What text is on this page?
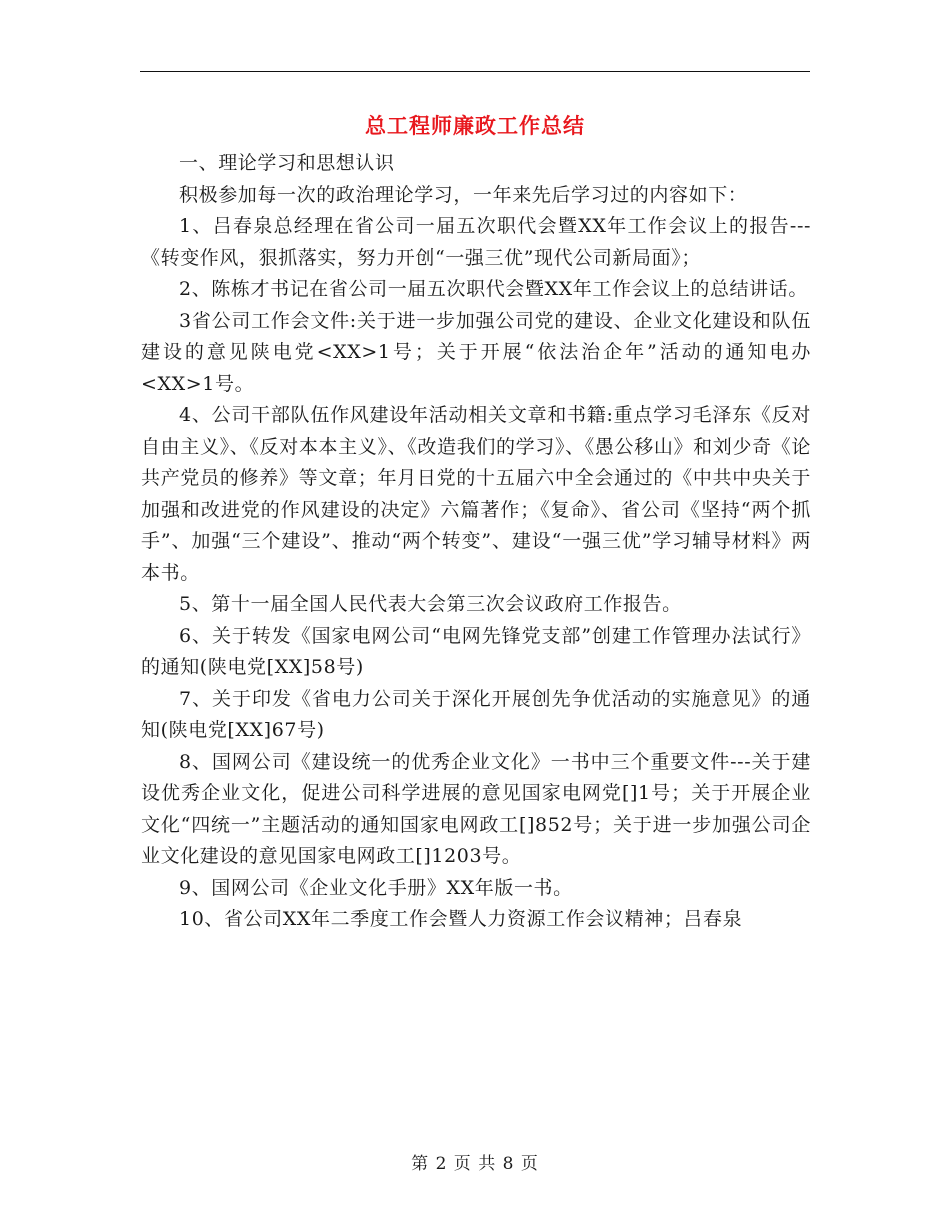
总工程师廉政工作总结

一、理论学习和思想认识

积极参加每一次的政治理论学习，一年来先后学习过的内容如下：

1、吕春泉总经理在省公司一届五次职代会暨XX年工作会议上的报告---《转变作风，狠抓落实，努力开创“一强三优”现代公司新局面》；

2、陈栋才书记在省公司一届五次职代会暨XX年工作会议上的总结讲话。

3省公司工作会文件:关于进一步加强公司党的建设、企业文化建设和队伍建设的意见陕电党<XX>1号；关于开展“依法治企年”活动的通知电办<XX>1号。

4、公司干部队伍作风建设年活动相关文章和书籍:重点学习毛泽东《反对自由主义》、《反对本本主义》、《改造我们的学习》、《愚公移山》和刘少奇《论共产党员的修养》等文章；年月日党的十五届六中全会通过的《中共中央关于加强和改进党的作风建设的决定》六篇著作；《复命》、省公司《坚持“两个抓手”、加强“三个建设”、推动“两个转变”、建设“一强三优”学习辅导材料》两本书。

5、第十一届全国人民代表大会第三次会议政府工作报告。

6、关于转发《国家电网公司“电网先锋党支部”创建工作管理办法试行》的通知(陕电党[XX]58号)

7、关于印发《省电力公司关于深化开展创先争优活动的实施意见》的通知(陕电党[XX]67号)

8、国网公司《建设统一的优秀企业文化》一书中三个重要文件---关于建设优秀企业文化，促进公司科学进展的意见国家电网党[]1号；关于开展企业文化“四统一”主题活动的通知国家电网政工[]852号；关于进一步加强公司企业文化建设的意见国家电网政工[]1203号。

9、国网公司《企业文化手册》XX年版一书。

10、省公司XX年二季度工作会暨人力资源工作会议精神；吕春泉

第 2 页 共 8 页
